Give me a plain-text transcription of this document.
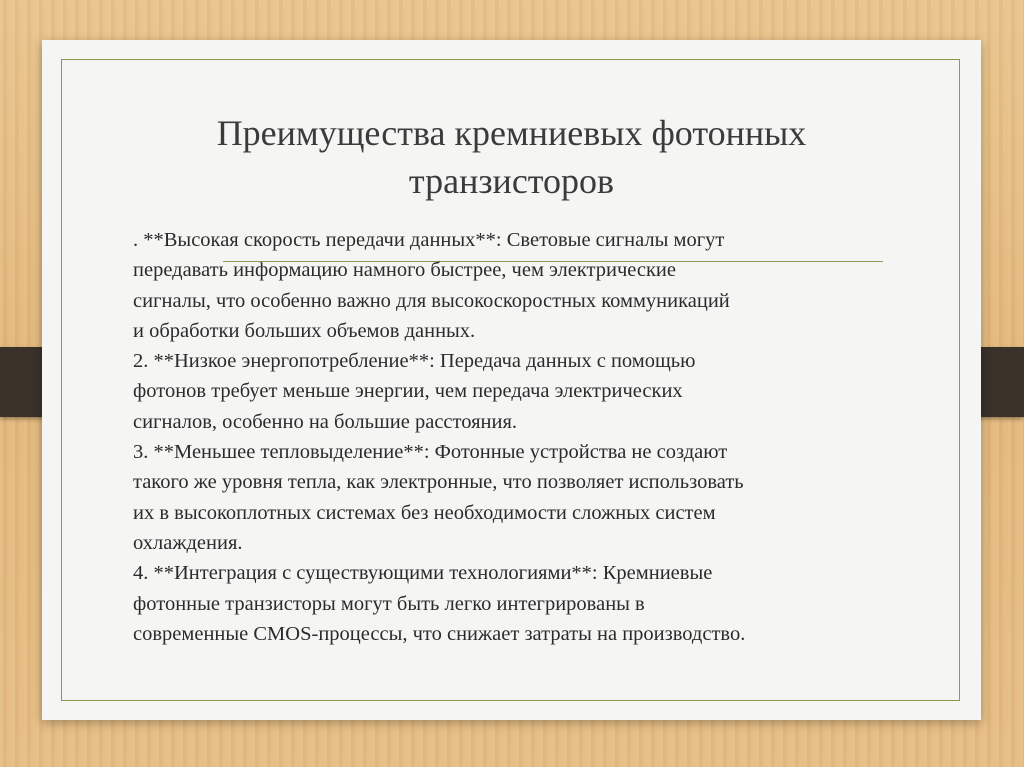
Преимущества кремниевых фотонных
транзисторов
. **Высокая скорость передачи данных**: Световые сигналы могут
передавать информацию намного быстрее, чем электрические
сигналы, что особенно важно для высокоскоростных коммуникаций
и обработки больших объемов данных.
2. **Низкое энергопотребление**: Передача данных с помощью
фотонов требует меньше энергии, чем передача электрических
сигналов, особенно на большие расстояния.
3. **Меньшее тепловыделение**: Фотонные устройства не создают
такого же уровня тепла, как электронные, что позволяет использовать
их в высокоплотных системах без необходимости сложных систем
охлаждения.
4. **Интеграция с существующими технологиями**: Кремниевые
фотонные транзисторы могут быть легко интегрированы в
современные CMOS-процессы, что снижает затраты на производство.
